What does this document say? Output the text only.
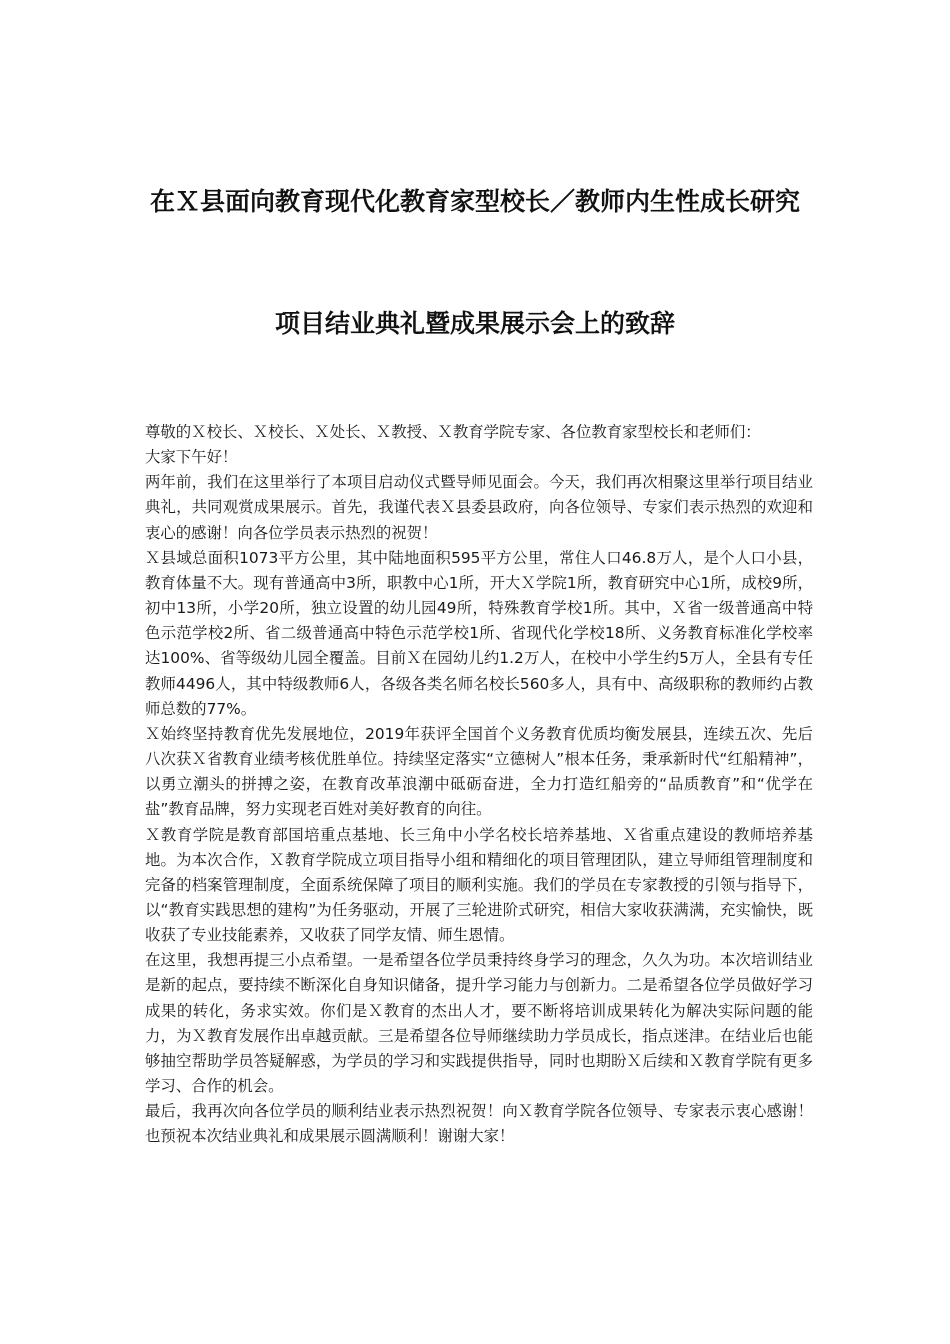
在Ｘ县面向教育现代化教育家型校长／教师内生性成长研究
项目结业典礼暨成果展示会上的致辞

尊敬的Ｘ校长、Ｘ校长、Ｘ处长、Ｘ教授、Ｘ教育学院专家、各位教育家型校长和老师们：

大家下午好！

两年前，我们在这里举行了本项目启动仪式暨导师见面会。今天，我们再次相聚这里举行项目结业典礼，共同观赏成果展示。首先，我谨代表Ｘ县委县政府，向各位领导、专家们表示热烈的欢迎和衷心的感谢！向各位学员表示热烈的祝贺！

Ｘ县域总面积1073平方公里，其中陆地面积595平方公里，常住人口46.8万人，是个人口小县，教育体量不大。现有普通高中3所，职教中心1所，开大Ｘ学院1所，教育研究中心1所，成校9所，初中13所，小学20所，独立设置的幼儿园49所，特殊教育学校1所。其中，Ｘ省一级普通高中特色示范学校2所、省二级普通高中特色示范学校1所、省现代化学校18所、义务教育标准化学校率达100%、省等级幼儿园全覆盖。目前Ｘ在园幼儿约1.2万人，在校中小学生约5万人，全县有专任教师4496人，其中特级教师6人，各级各类名师名校长560多人，具有中、高级职称的教师约占教师总数的77%。

Ｘ始终坚持教育优先发展地位，2019年获评全国首个义务教育优质均衡发展县，连续五次、先后八次获Ｘ省教育业绩考核优胜单位。持续坚定落实“立德树人”根本任务，秉承新时代“红船精神”，以勇立潮头的拼搏之姿，在教育改革浪潮中砥砺奋进，全力打造红船旁的“品质教育”和“优学在盐”教育品牌，努力实现老百姓对美好教育的向往。

Ｘ教育学院是教育部国培重点基地、长三角中小学名校长培养基地、Ｘ省重点建设的教师培养基地。为本次合作，Ｘ教育学院成立项目指导小组和精细化的项目管理团队，建立导师组管理制度和完备的档案管理制度，全面系统保障了项目的顺利实施。我们的学员在专家教授的引领与指导下，以“教育实践思想的建构”为任务驱动，开展了三轮进阶式研究，相信大家收获满满，充实愉快，既收获了专业技能素养，又收获了同学友情、师生恩情。

在这里，我想再提三小点希望。一是希望各位学员秉持终身学习的理念，久久为功。本次培训结业是新的起点，要持续不断深化自身知识储备，提升学习能力与创新力。二是希望各位学员做好学习成果的转化，务求实效。你们是Ｘ教育的杰出人才，要不断将培训成果转化为解决实际问题的能力，为Ｘ教育发展作出卓越贡献。三是希望各位导师继续助力学员成长，指点迷津。在结业后也能够抽空帮助学员答疑解惑，为学员的学习和实践提供指导，同时也期盼Ｘ后续和Ｘ教育学院有更多学习、合作的机会。

最后，我再次向各位学员的顺利结业表示热烈祝贺！向Ｘ教育学院各位领导、专家表示衷心感谢！也预祝本次结业典礼和成果展示圆满顺利！谢谢大家！
